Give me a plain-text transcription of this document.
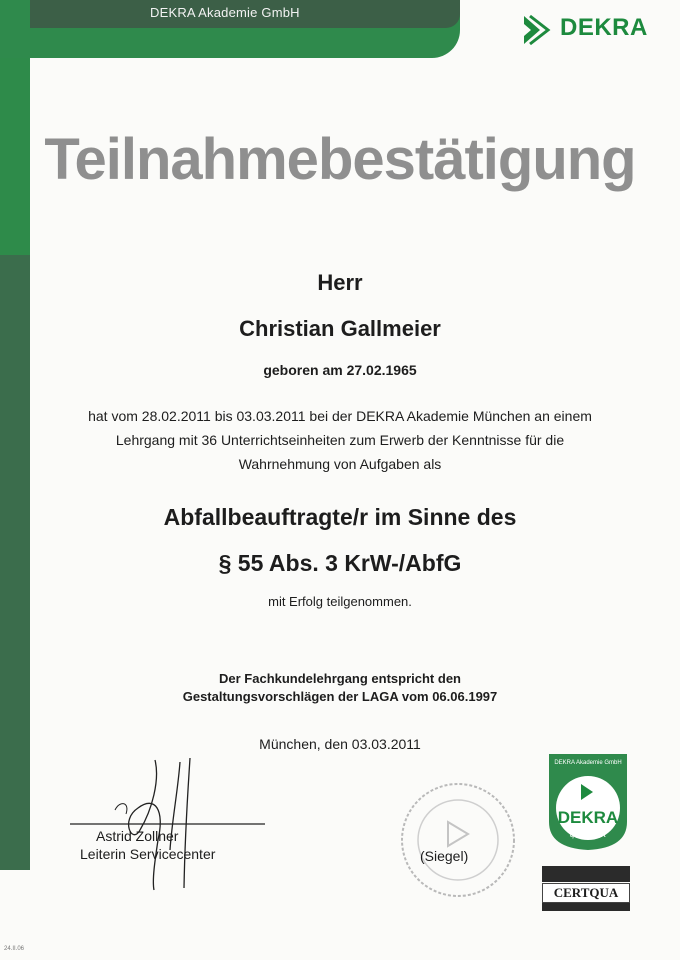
DEKRA Akademie GmbH
DEKRA
Teilnahmebestätigung
Herr
Christian Gallmeier
geboren am 27.02.1965
hat vom 28.02.2011 bis 03.03.2011 bei der DEKRA Akademie München an einem
Lehrgang mit 36 Unterrichtseinheiten zum Erwerb der Kenntnisse für die
Wahrnehmung von Aufgaben als
Abfallbeauftragte/r im Sinne des
§ 55 Abs. 3 KrW-/AbfG
mit Erfolg teilgenommen.
Der Fachkundelehrgang entspricht den
Gestaltungsvorschlägen der LAGA vom 06.06.1997
München, den 03.03.2011
Astrid Zollner
Leiterin Servicecenter	(Siegel)
DEKRA Akademie GmbH
DEKRA
qualifiziert
CERTQUA
24.II.06
